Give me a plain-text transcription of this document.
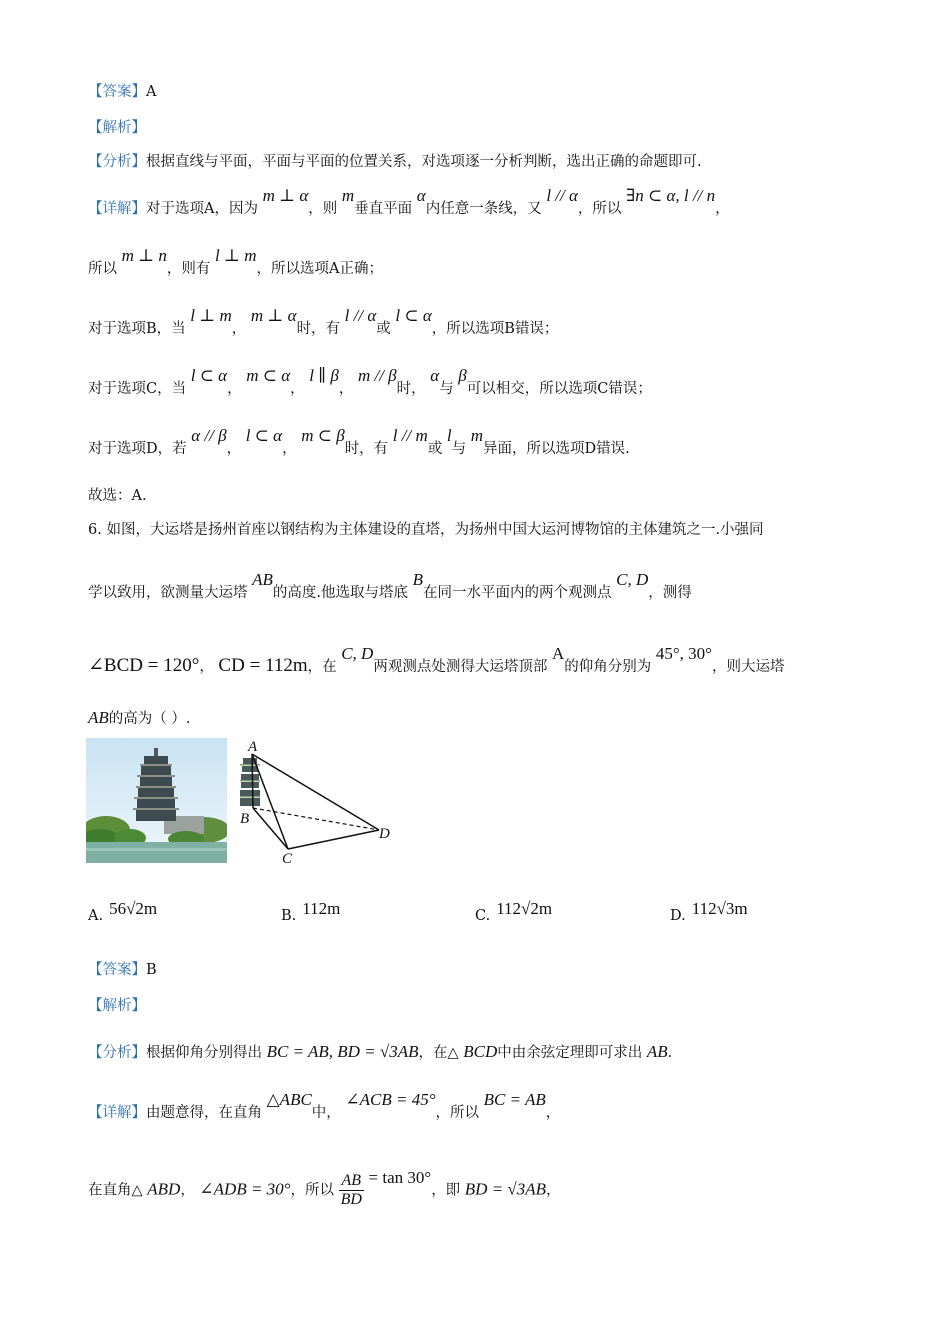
【答案】A
【解析】
【分析】根据直线与平面，平面与平面的位置关系，对选项逐一分析判断，选出正确的命题即可.
【详解】对于选项A，因为 m ⊥ α，则 m垂直平面 α内任意一条线，又 l // α，所以 ∃n ⊂ α, l // n，
所以 m ⊥ n，则有 l ⊥ m，所以选项A正确；
对于选项B，当 l ⊥ m， m ⊥ α时，有 l // α或 l ⊂ α，所以选项B错误；
对于选项C，当 l ⊂ α， m ⊂ α， l ∥ β， m // β时， α与 β可以相交，所以选项C错误；
对于选项D，若 α // β， l ⊂ α， m ⊂ β时，有 l // m或 l与 m异面，所以选项D错误.
故选：A.
6. 如图，大运塔是扬州首座以钢结构为主体建设的直塔，为扬州中国大运河博物馆的主体建筑之一.小强同
学以致用，欲测量大运塔 AB的高度.他选取与塔底 B在同一水平面内的两个观测点 C, D，测得
∠BCD = 120°， CD = 112m，在 C, D两观测点处测得大运塔顶部 A的仰角分别为 45°, 30°，则大运塔
AB的高为（ ）.
A
B
C
D
A. 56√2m	B. 112m	C. 112√2m	D. 112√3m
【答案】B
【解析】
【分析】根据仰角分别得出 BC = AB, BD = √3AB，在△ BCD中由余弦定理即可求出 AB.
【详解】由题意得，在直角 △ABC中， ∠ACB = 45°，所以 BC = AB，
在直角△ ABD， ∠ADB = 30°，所以 $\frac{AB}{BD} = \tan 30^\circ$，即 BD = √3AB，
